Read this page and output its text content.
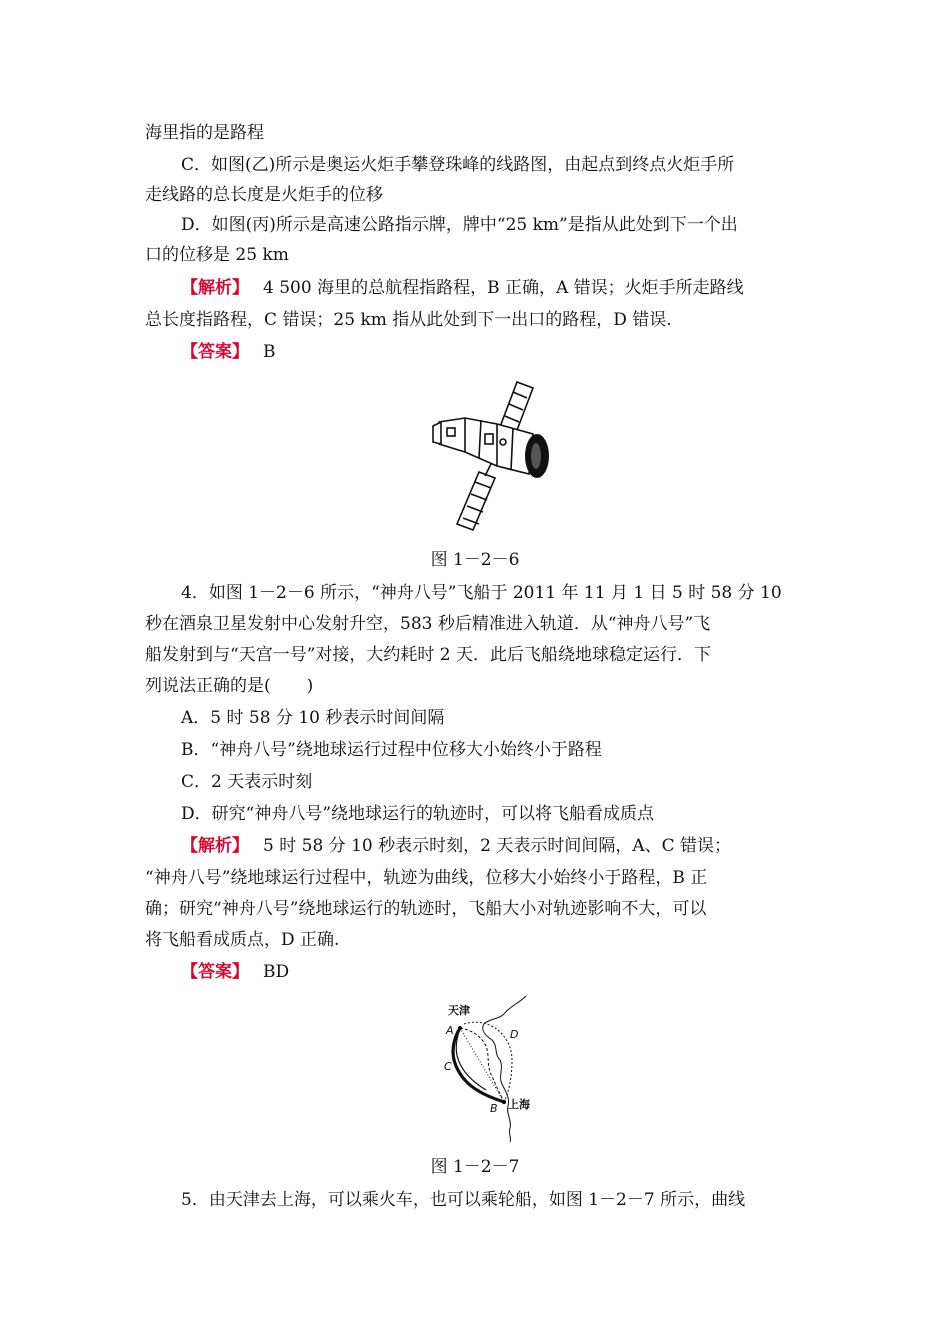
海里指的是路程
C．如图(乙)所示是奥运火炬手攀登珠峰的线路图，由起点到终点火炬手所
走线路的总长度是火炬手的位移
D．如图(丙)所示是高速公路指示牌，牌中“25 km”是指从此处到下一个出
口的位移是 25 km
【解析】 4 500 海里的总航程指路程，B 正确，A 错误；火炬手所走路线
总长度指路程，C 错误；25 km 指从此处到下一出口的路程，D 错误.
【答案】 B
图 1－2－6
4．如图 1－2－6 所示，“神舟八号”飞船于 2011 年 11 月 1 日 5 时 58 分 10
秒在酒泉卫星发射中心发射升空，583 秒后精准进入轨道．从“神舟八号”飞
船发射到与“天宫一号”对接，大约耗时 2 天．此后飞船绕地球稳定运行．下
列说法正确的是( )
A．5 时 58 分 10 秒表示时间间隔
B．“神舟八号”绕地球运行过程中位移大小始终小于路程
C．2 天表示时刻
D．研究“神舟八号”绕地球运行的轨迹时，可以将飞船看成质点
【解析】 5 时 58 分 10 秒表示时刻，2 天表示时间间隔，A、C 错误；
“神舟八号”绕地球运行过程中，轨迹为曲线，位移大小始终小于路程，B 正
确；研究“神舟八号”绕地球运行的轨迹时，飞船大小对轨迹影响不大，可以
将飞船看成质点，D 正确.
【答案】 BD
天津
上海
A
B
C
D
图 1－2－7
5．由天津去上海，可以乘火车，也可以乘轮船，如图 1－2－7 所示，曲线
